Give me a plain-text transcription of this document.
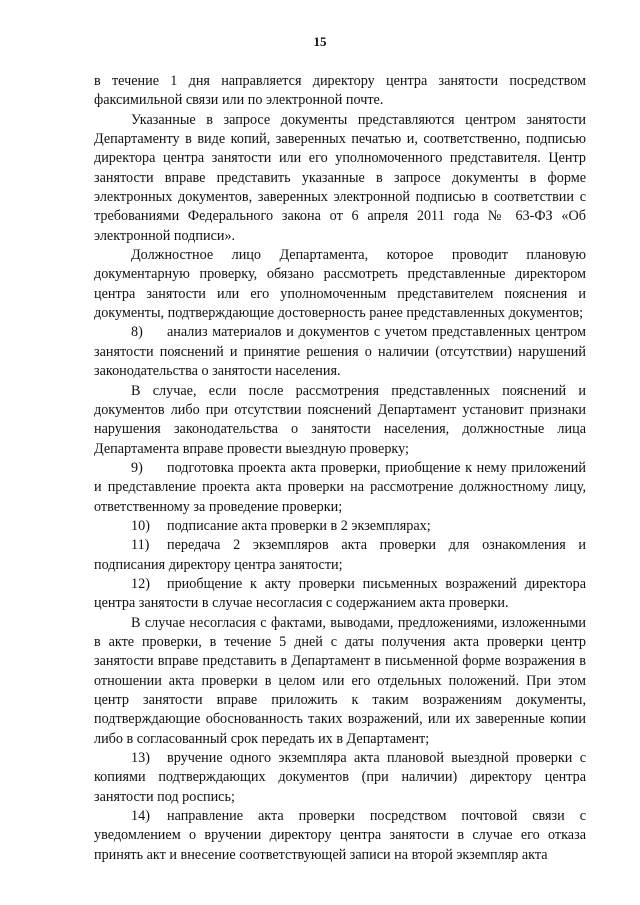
15

в течение 1 дня направляется директору центра занятости посредством факсимильной связи или по электронной почте.

Указанные в запросе документы представляются центром занятости Департаменту в виде копий, заверенных печатью и, соответственно, подписью директора центра занятости или его уполномоченного представителя. Центр занятости вправе представить указанные в запросе документы в форме электронных документов, заверенных электронной подписью в соответствии с требованиями Федерального закона от 6 апреля 2011 года № 63-ФЗ «Об электронной подписи».

Должностное лицо Департамента, которое проводит плановую документарную проверку, обязано рассмотреть представленные директором центра занятости или его уполномоченным представителем пояснения и документы, подтверждающие достоверность ранее представленных документов;

8) анализ материалов и документов с учетом представленных центром занятости пояснений и принятие решения о наличии (отсутствии) нарушений законодательства о занятости населения.

В случае, если после рассмотрения представленных пояснений и документов либо при отсутствии пояснений Департамент установит признаки нарушения законодательства о занятости населения, должностные лица Департамента вправе провести выездную проверку;

9) подготовка проекта акта проверки, приобщение к нему приложений и представление проекта акта проверки на рассмотрение должностному лицу, ответственному за проведение проверки;

10) подписание акта проверки в 2 экземплярах;

11) передача 2 экземпляров акта проверки для ознакомления и подписания директору центра занятости;

12) приобщение к акту проверки письменных возражений директора центра занятости в случае несогласия с содержанием акта проверки.

В случае несогласия с фактами, выводами, предложениями, изложенными в акте проверки, в течение 5 дней с даты получения акта проверки центр занятости вправе представить в Департамент в письменной форме возражения в отношении акта проверки в целом или его отдельных положений. При этом центр занятости вправе приложить к таким возражениям документы, подтверждающие обоснованность таких возражений, или их заверенные копии либо в согласованный срок передать их в Департамент;

13) вручение одного экземпляра акта плановой выездной проверки с копиями подтверждающих документов (при наличии) директору центра занятости под роспись;

14) направление акта проверки посредством почтовой связи с уведомлением о вручении директору центра занятости в случае его отказа принять акт и внесение соответствующей записи на второй экземпляр акта
